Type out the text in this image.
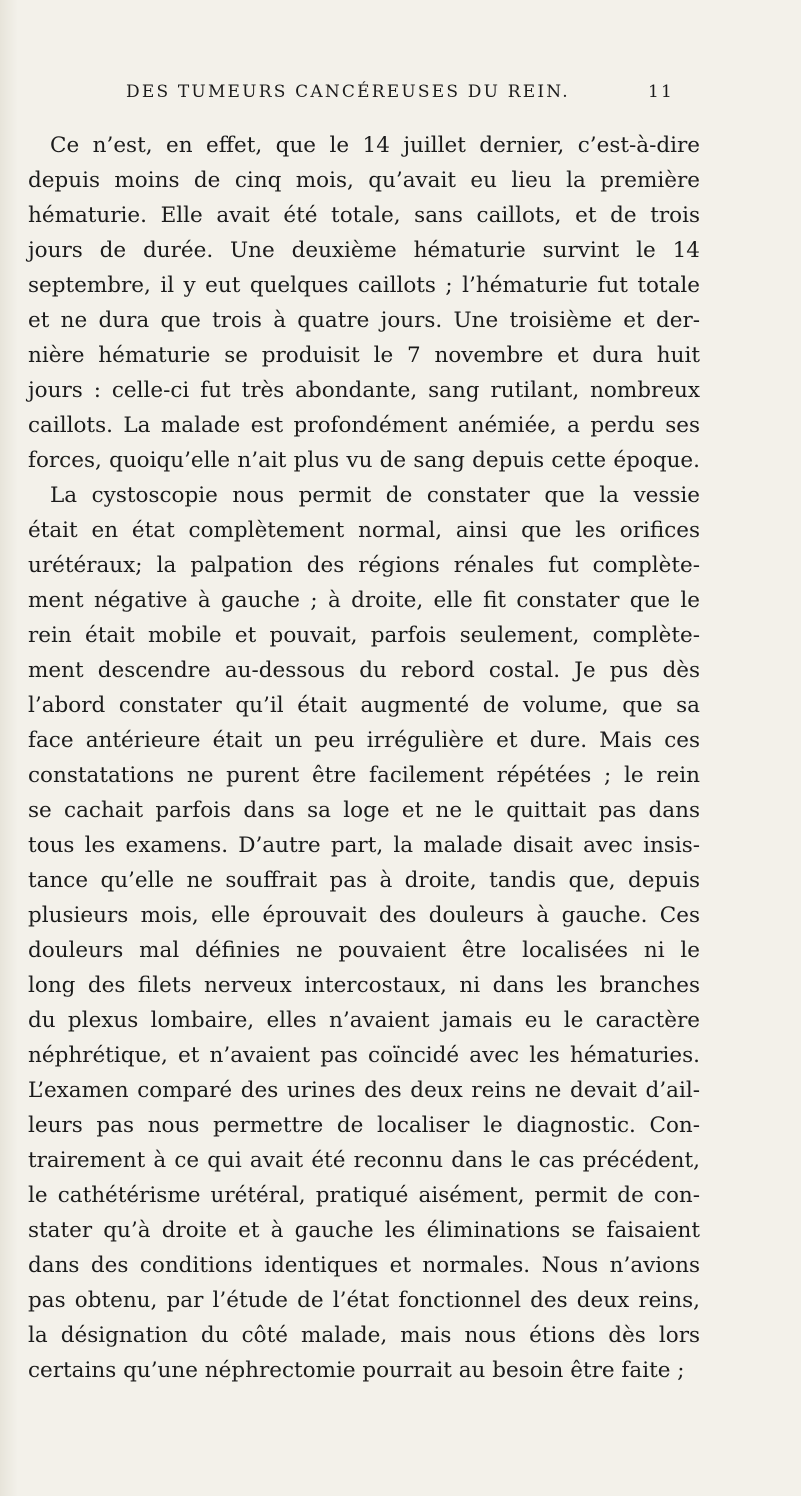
DES TUMEURS CANCÉREUSES DU REIN.	11
Ce n’est, en effet, que le 14 juillet dernier, c’est-à-dire
depuis moins de cinq mois, qu’avait eu lieu la première
hématurie. Elle avait été totale, sans caillots, et de trois
jours de durée. Une deuxième hématurie survint le 14
septembre, il y eut quelques caillots ; l’hématurie fut totale
et ne dura que trois à quatre jours. Une troisième et der-
nière hématurie se produisit le 7 novembre et dura huit
jours : celle-ci fut très abondante, sang rutilant, nombreux
caillots. La malade est profondément anémiée, a perdu ses
forces, quoiqu’elle n’ait plus vu de sang depuis cette époque.
La cystoscopie nous permit de constater que la vessie
était en état complètement normal, ainsi que les orifices
urétéraux; la palpation des régions rénales fut complète-
ment négative à gauche ; à droite, elle fit constater que le
rein était mobile et pouvait, parfois seulement, complète-
ment descendre au-dessous du rebord costal. Je pus dès
l’abord constater qu’il était augmenté de volume, que sa
face antérieure était un peu irrégulière et dure. Mais ces
constatations ne purent être facilement répétées ; le rein
se cachait parfois dans sa loge et ne le quittait pas dans
tous les examens. D’autre part, la malade disait avec insis-
tance qu’elle ne souffrait pas à droite, tandis que, depuis
plusieurs mois, elle éprouvait des douleurs à gauche. Ces
douleurs mal définies ne pouvaient être localisées ni le
long des filets nerveux intercostaux, ni dans les branches
du plexus lombaire, elles n’avaient jamais eu le caractère
néphrétique, et n’avaient pas coïncidé avec les hématuries.
L’examen comparé des urines des deux reins ne devait d’ail-
leurs pas nous permettre de localiser le diagnostic. Con-
trairement à ce qui avait été reconnu dans le cas précédent,
le cathétérisme urétéral, pratiqué aisément, permit de con-
stater qu’à droite et à gauche les éliminations se faisaient
dans des conditions identiques et normales. Nous n’avions
pas obtenu, par l’étude de l’état fonctionnel des deux reins,
la désignation du côté malade, mais nous étions dès lors
certains qu’une néphrectomie pourrait au besoin être faite ;
